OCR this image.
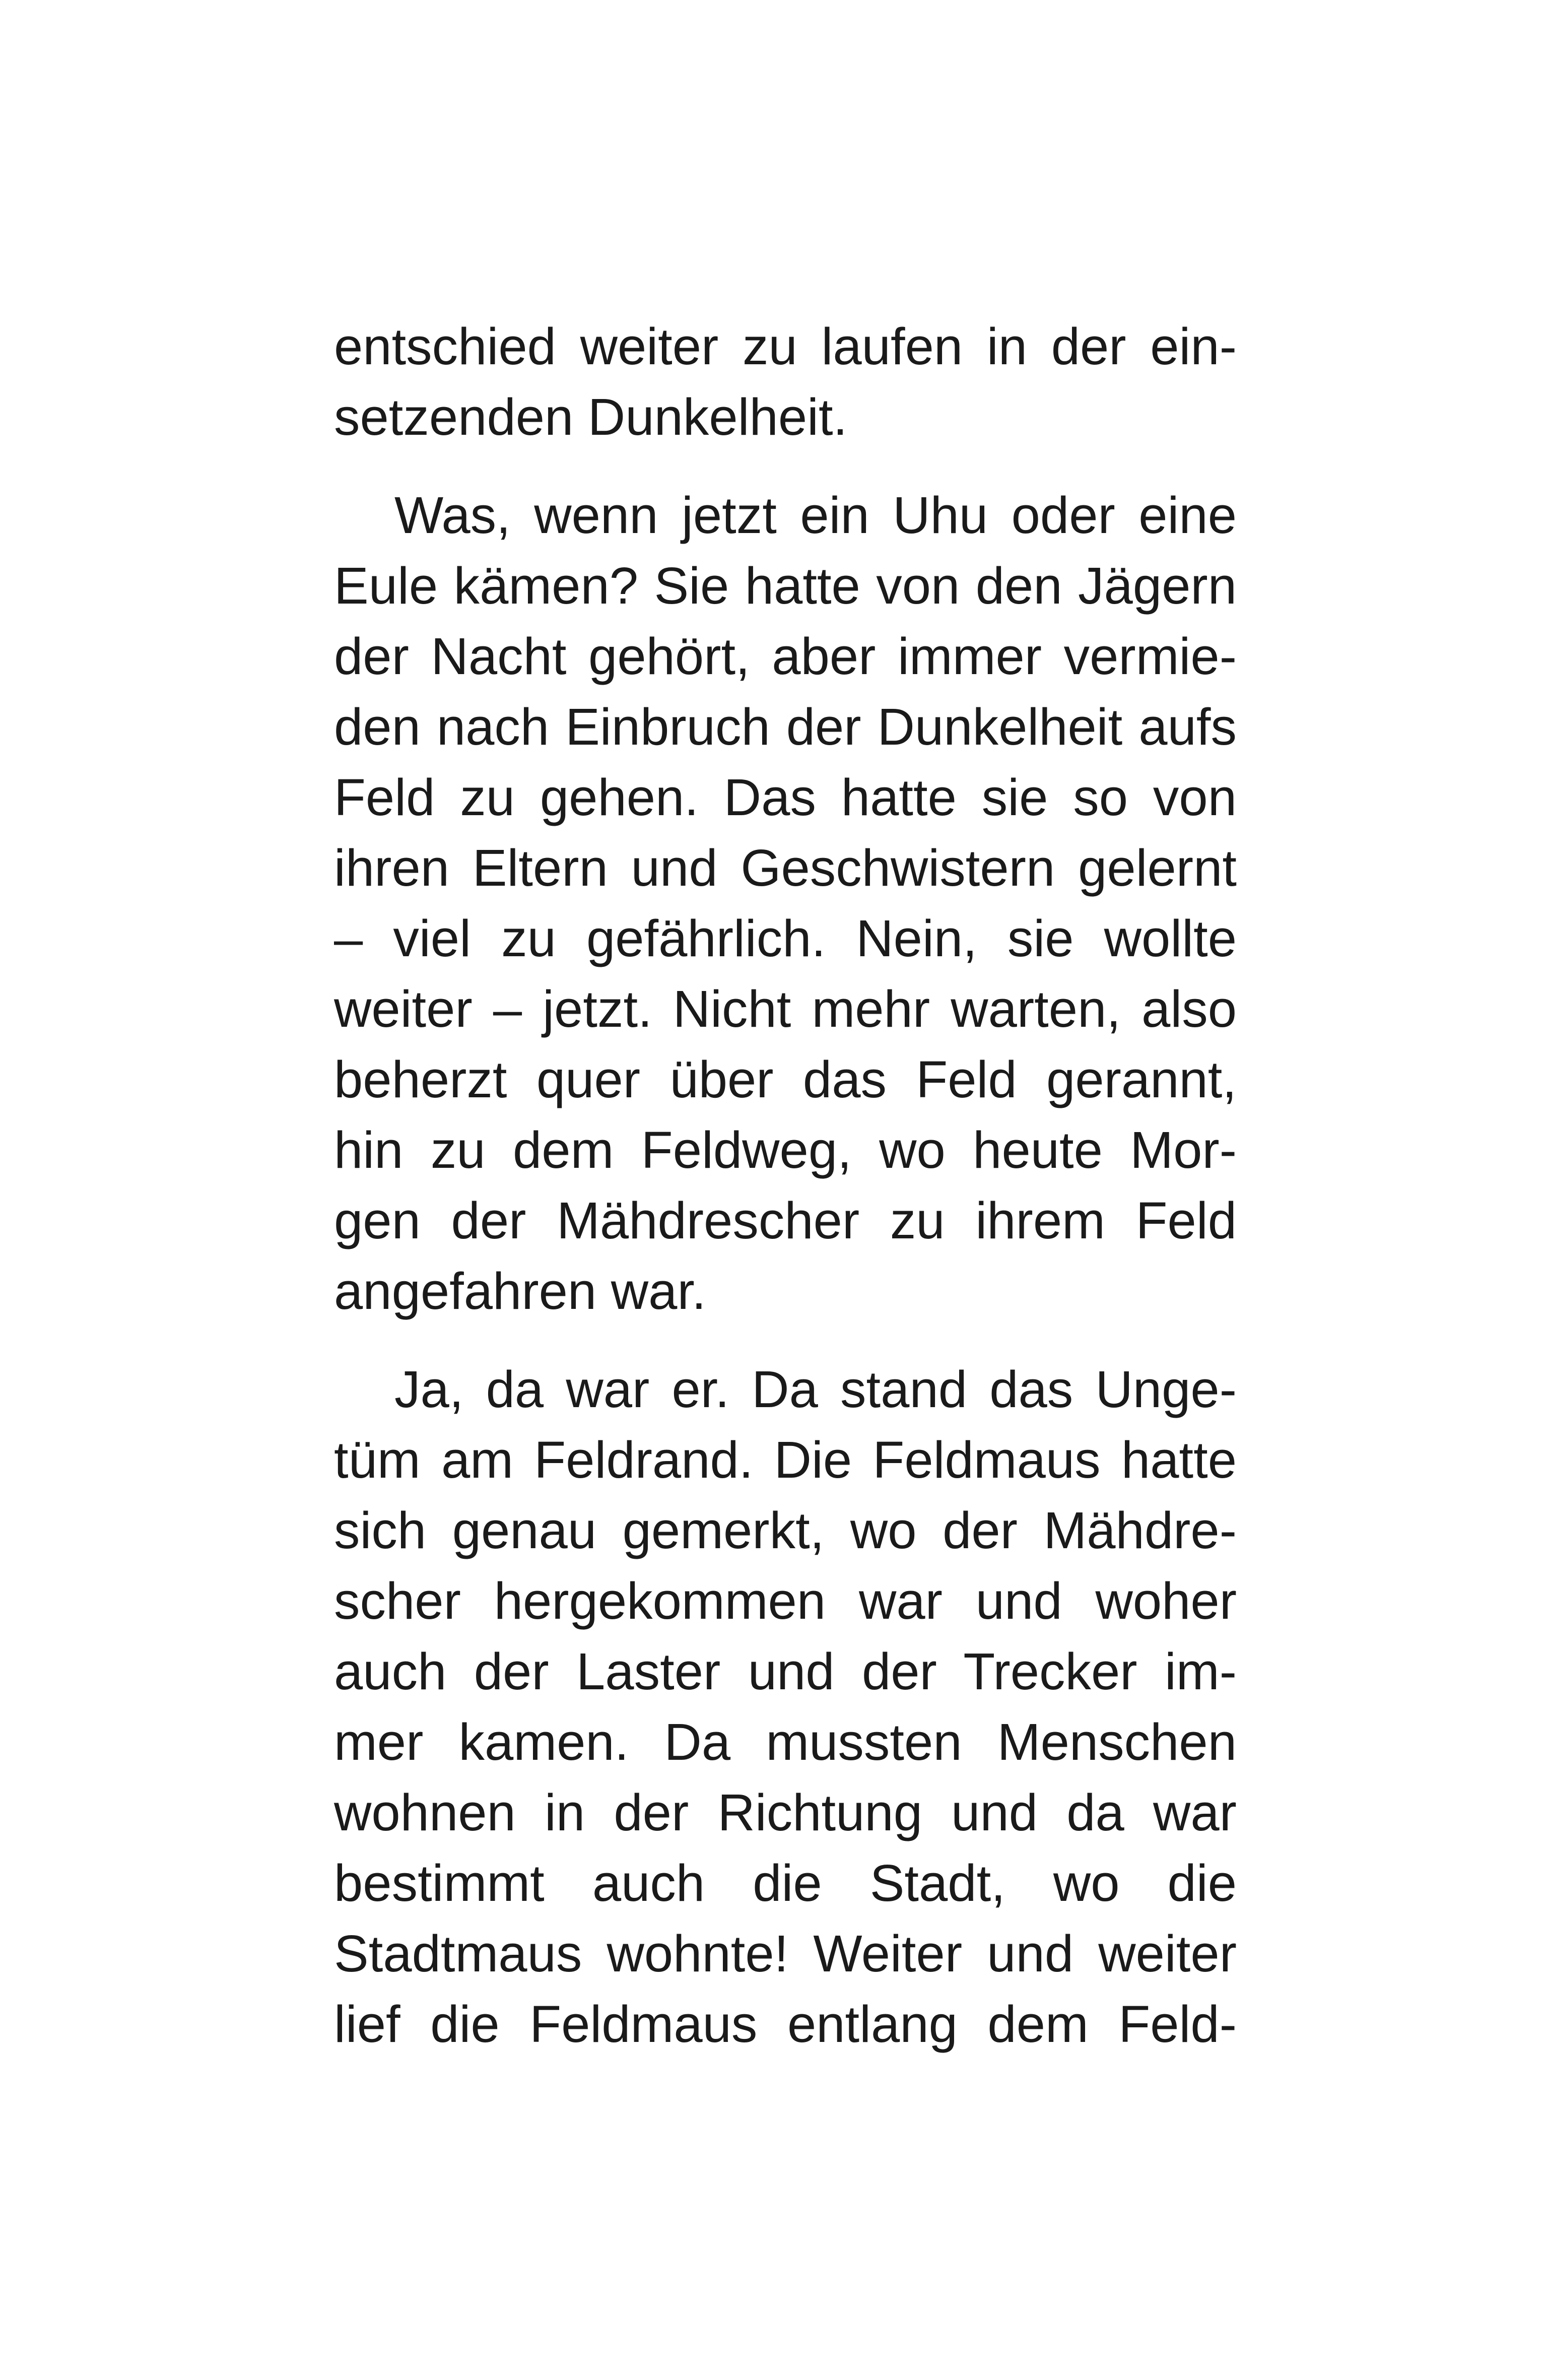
entschied weiter zu laufen in der ein-
setzenden Dunkelheit.
Was, wenn jetzt ein Uhu oder eine
Eule kämen? Sie hatte von den Jägern
der Nacht gehört, aber immer vermie-
den nach Einbruch der Dunkelheit aufs
Feld zu gehen. Das hatte sie so von
ihren Eltern und Geschwistern gelernt
– viel zu gefährlich. Nein, sie wollte
weiter – jetzt. Nicht mehr warten, also
beherzt quer über das Feld gerannt,
hin zu dem Feldweg, wo heute Mor-
gen der Mähdrescher zu ihrem Feld
angefahren war.
Ja, da war er. Da stand das Unge-
tüm am Feldrand. Die Feldmaus hatte
sich genau gemerkt, wo der Mähdre-
scher hergekommen war und woher
auch der Laster und der Trecker im-
mer kamen. Da mussten Menschen
wohnen in der Richtung und da war
bestimmt auch die Stadt, wo die
Stadtmaus wohnte! Weiter und weiter
lief die Feldmaus entlang dem Feld-
